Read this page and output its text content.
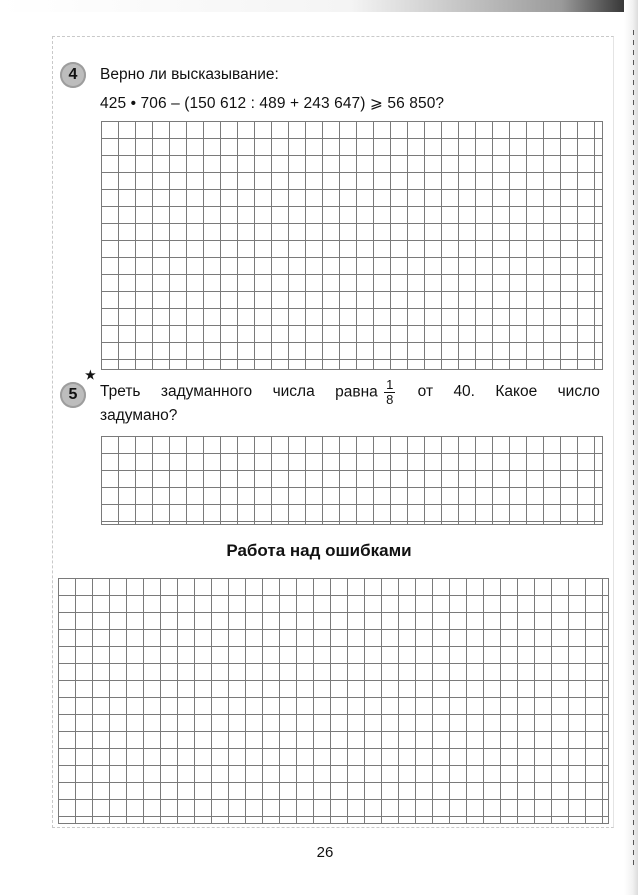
4	Верно ли высказывание:
425 • 706 – (150 612 : 489 + 243 647) ⩾ 56 850?
★
5	Треть задуманного числа равна $\frac{1}{8}$ от 40. Какое число
задумано?
Работа над ошибками
26
